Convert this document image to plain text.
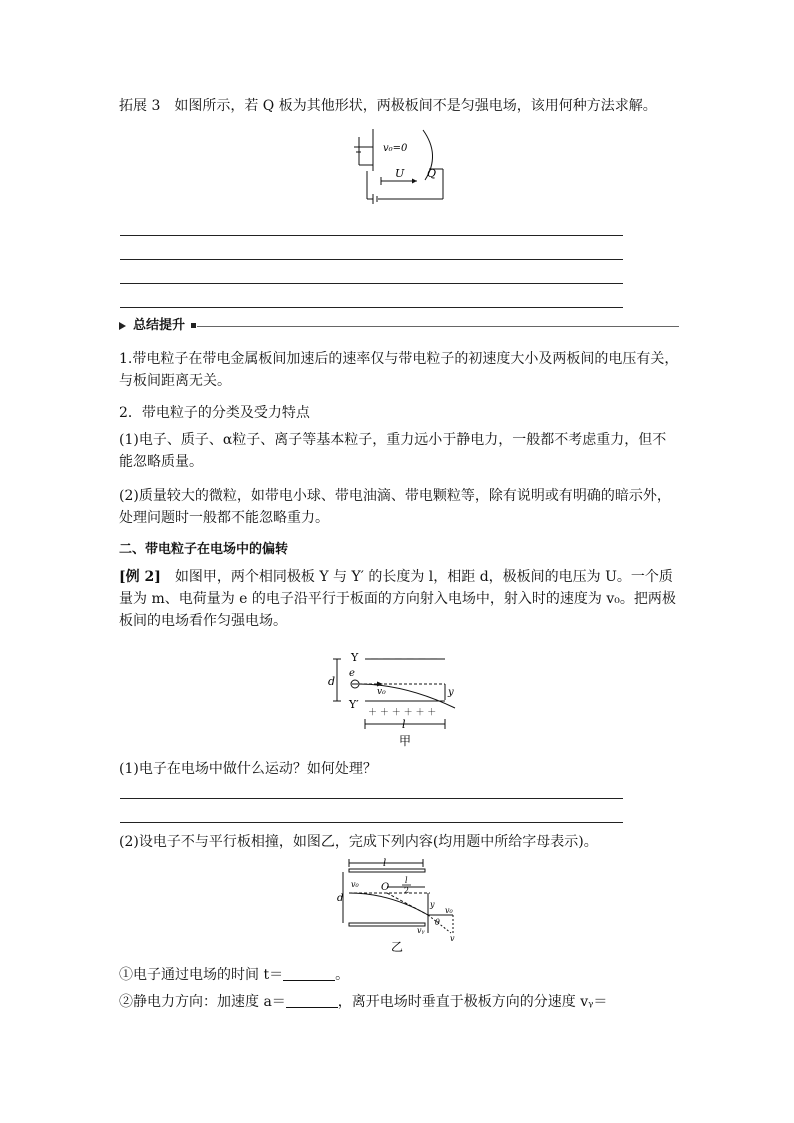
拓展 3　 如图所示，若 Q 板为其他形状，两极板间不是匀强电场，该用何种方法求解。

v₀=0
U Q
总结提升

1.带电粒子在带电金属板间加速后的速率仅与带电粒子的初速度大小及两板间的电压有关，与板间距离无关。

2．带电粒子的分类及受力特点

(1)电子、质子、α粒子、离子等基本粒子，重力远小于静电力，一般都不考虑重力，但不能忽略质量。

(2)质量较大的微粒，如带电小球、带电油滴、带电颗粒等，除有说明或有明确的暗示外，处理问题时一般都不能忽略重力。

二、带电粒子在电场中的偏转

[例 2]　 如图甲，两个相同极板 Y 与 Y′ 的长度为 l，相距 d，极板间的电压为 U。一个质量为 m、电荷量为 e 的电子沿平行于板面的方向射入电场中，射入时的速度为 v₀。把两极板间的电场看作匀强电场。

Y － － － － － －
e
d
v₀	y
Y′
＋ ＋ ＋ ＋ ＋ ＋
l
甲

(1)电子在电场中做什么运动？如何处理？

(2)设电子不与平行板相撞，如图乙，完成下列内容(均用题中所给字母表示)。

l
v₀
d
O
l
2
y
θ
v₀
vᵧ
v
乙

①电子通过电场的时间 t＝	。

②静电力方向：加速度 a＝	，离开电场时垂直于极板方向的分速度 vᵧ＝
